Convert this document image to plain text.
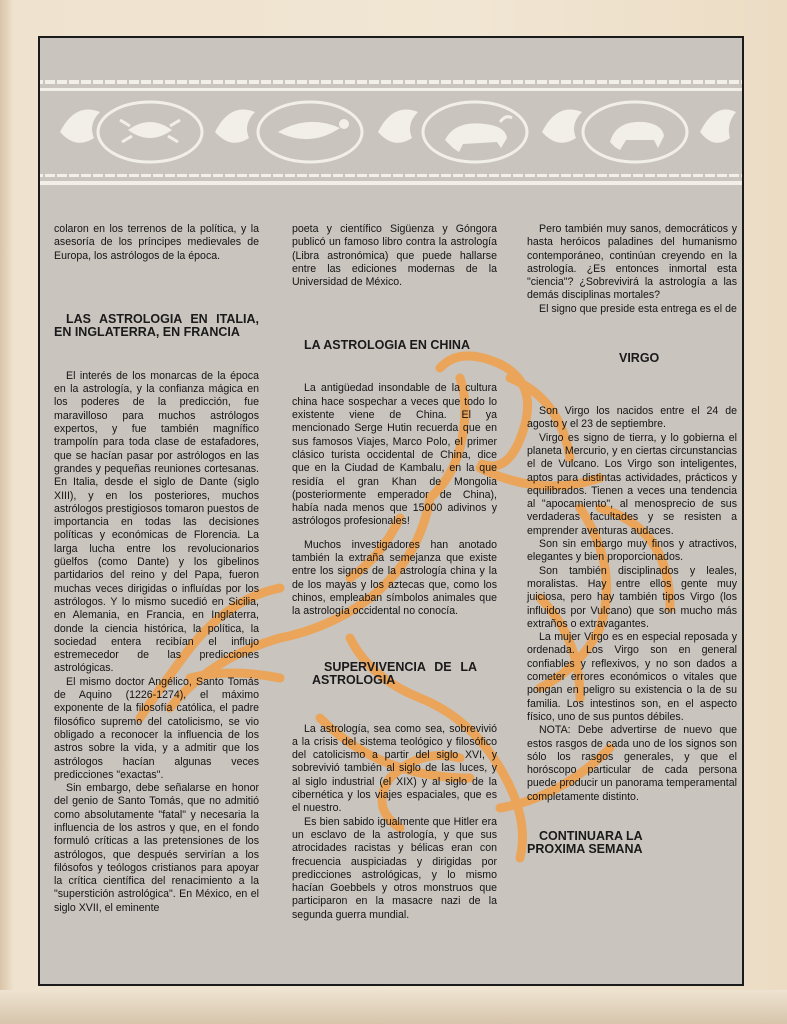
colaron en los terrenos de la política, y la asesoría de los príncipes medievales de Europa, los astrólogos de la época.

LAS ASTROLOGIA EN ITALIA, EN INGLATERRA, EN FRANCIA

El interés de los monarcas de la época en la astrología, y la confianza mágica en los poderes de la predicción, fue maravilloso para muchos astrólogos expertos, y fue también magnífico trampolín para toda clase de estafadores, que se hacían pasar por astrólogos en las grandes y pequeñas reuniones cortesanas. En Italia, desde el siglo de Dante (siglo XIII), y en los posteriores, muchos astrólogos prestigiosos tomaron puestos de importancia en todas las decisiones políticas y económicas de Florencia. La larga lucha entre los revolucionarios güelfos (como Dante) y los gibelinos partidarios del reino y del Papa, fueron muchas veces dirigidas o influídas por los astrólogos. Y lo mismo sucedió en Sicilia, en Alemania, en Francia, en Inglaterra, donde la ciencia histórica, la política, la sociedad entera recibían el influjo estremecedor de las predicciones astrológicas.

El mismo doctor Angélico, Santo Tomás de Aquino (1226-1274), el máximo exponente de la filosofía católica, el padre filosófico supremo del catolicismo, se vio obligado a reconocer la influencia de los astros sobre la vida, y a admitir que los astrólogos hacían algunas veces predicciones "exactas".

Sin embargo, debe señalarse en honor del genio de Santo Tomás, que no admitió como absolutamente "fatal" y necesaria la influencia de los astros y que, en el fondo formuló críticas a las pretensiones de los astrólogos, que después servirían a los filósofos y teólogos cristianos para apoyar la crítica científica del renacimiento a la "superstición astrológica". En México, en el siglo XVII, el eminente

poeta y científico Sigüenza y Góngora publicó un famoso libro contra la astrología (Libra astronómica) que puede hallarse entre las ediciones modernas de la Universidad de México.

LA ASTROLOGIA EN CHINA

La antigüedad insondable de la cultura china hace sospechar a veces que todo lo existente viene de China. El ya mencionado Serge Hutin recuerda que en sus famosos Viajes, Marco Polo, el primer clásico turista occidental de China, dice que en la Ciudad de Kambalu, en la que residía el gran Khan de Mongolia (posteriormente emperador de China), había nada menos que 15000 adivinos y astrólogos profesionales!

Muchos investigadores han anotado también la extraña semejanza que existe entre los signos de la astrología china y la de los mayas y los aztecas que, como los chinos, empleaban símbolos animales que la astrología occidental no conocía.

SUPERVIVENCIA DE LA ASTROLOGIA

La astrología, sea como sea, sobrevivió a la crisis del sistema teológico y filosófico del catolicismo a partir del siglo XVI, y sobrevivió también al siglo de las luces, y al siglo industrial (el XIX) y al siglo de la cibernética y los viajes espaciales, que es el nuestro.

Es bien sabido igualmente que Hitler era un esclavo de la astrología, y que sus atrocidades racistas y bélicas eran con frecuencia auspiciadas y dirigidas por predicciones astrológicas, y lo mismo hacían Goebbels y otros monstruos que participaron en la masacre nazi de la segunda guerra mundial.

Pero también muy sanos, democráticos y hasta heróicos paladines del humanismo contemporáneo, continúan creyendo en la astrología. ¿Es entonces inmortal esta "ciencia"? ¿Sobrevivirá la astrología a las demás disciplinas mortales?

El signo que preside esta entrega es el de

VIRGO

Son Virgo los nacidos entre el 24 de agosto y el 23 de septiembre.

Virgo es signo de tierra, y lo gobierna el planeta Mercurio, y en ciertas circunstancias el de Vulcano. Los Virgo son inteligentes, aptos para distintas actividades, prácticos y equilibrados. Tienen a veces una tendencia al "apocamiento", al menosprecio de sus verdaderas facultades y se resisten a emprender aventuras audaces.

Son sin embargo muy finos y atractivos, elegantes y bien proporcionados.

Son también disciplinados y leales, moralistas. Hay entre ellos gente muy juiciosa, pero hay también tipos Virgo (los influidos por Vulcano) que son mucho más extraños o extravagantes.

La mujer Virgo es en especial reposada y ordenada. Los Virgo son en general confiables y reflexivos, y no son dados a cometer errores económicos o vitales que pongan en peligro su existencia o la de su familia. Los intestinos son, en el aspecto físico, uno de sus puntos débiles.

NOTA: Debe advertirse de nuevo que estos rasgos de cada uno de los signos son sólo los rasgos generales, y que el horóscopo particular de cada persona puede producir un panorama temperamental completamente distinto.

CONTINUARA LA PROXIMA SEMANA
